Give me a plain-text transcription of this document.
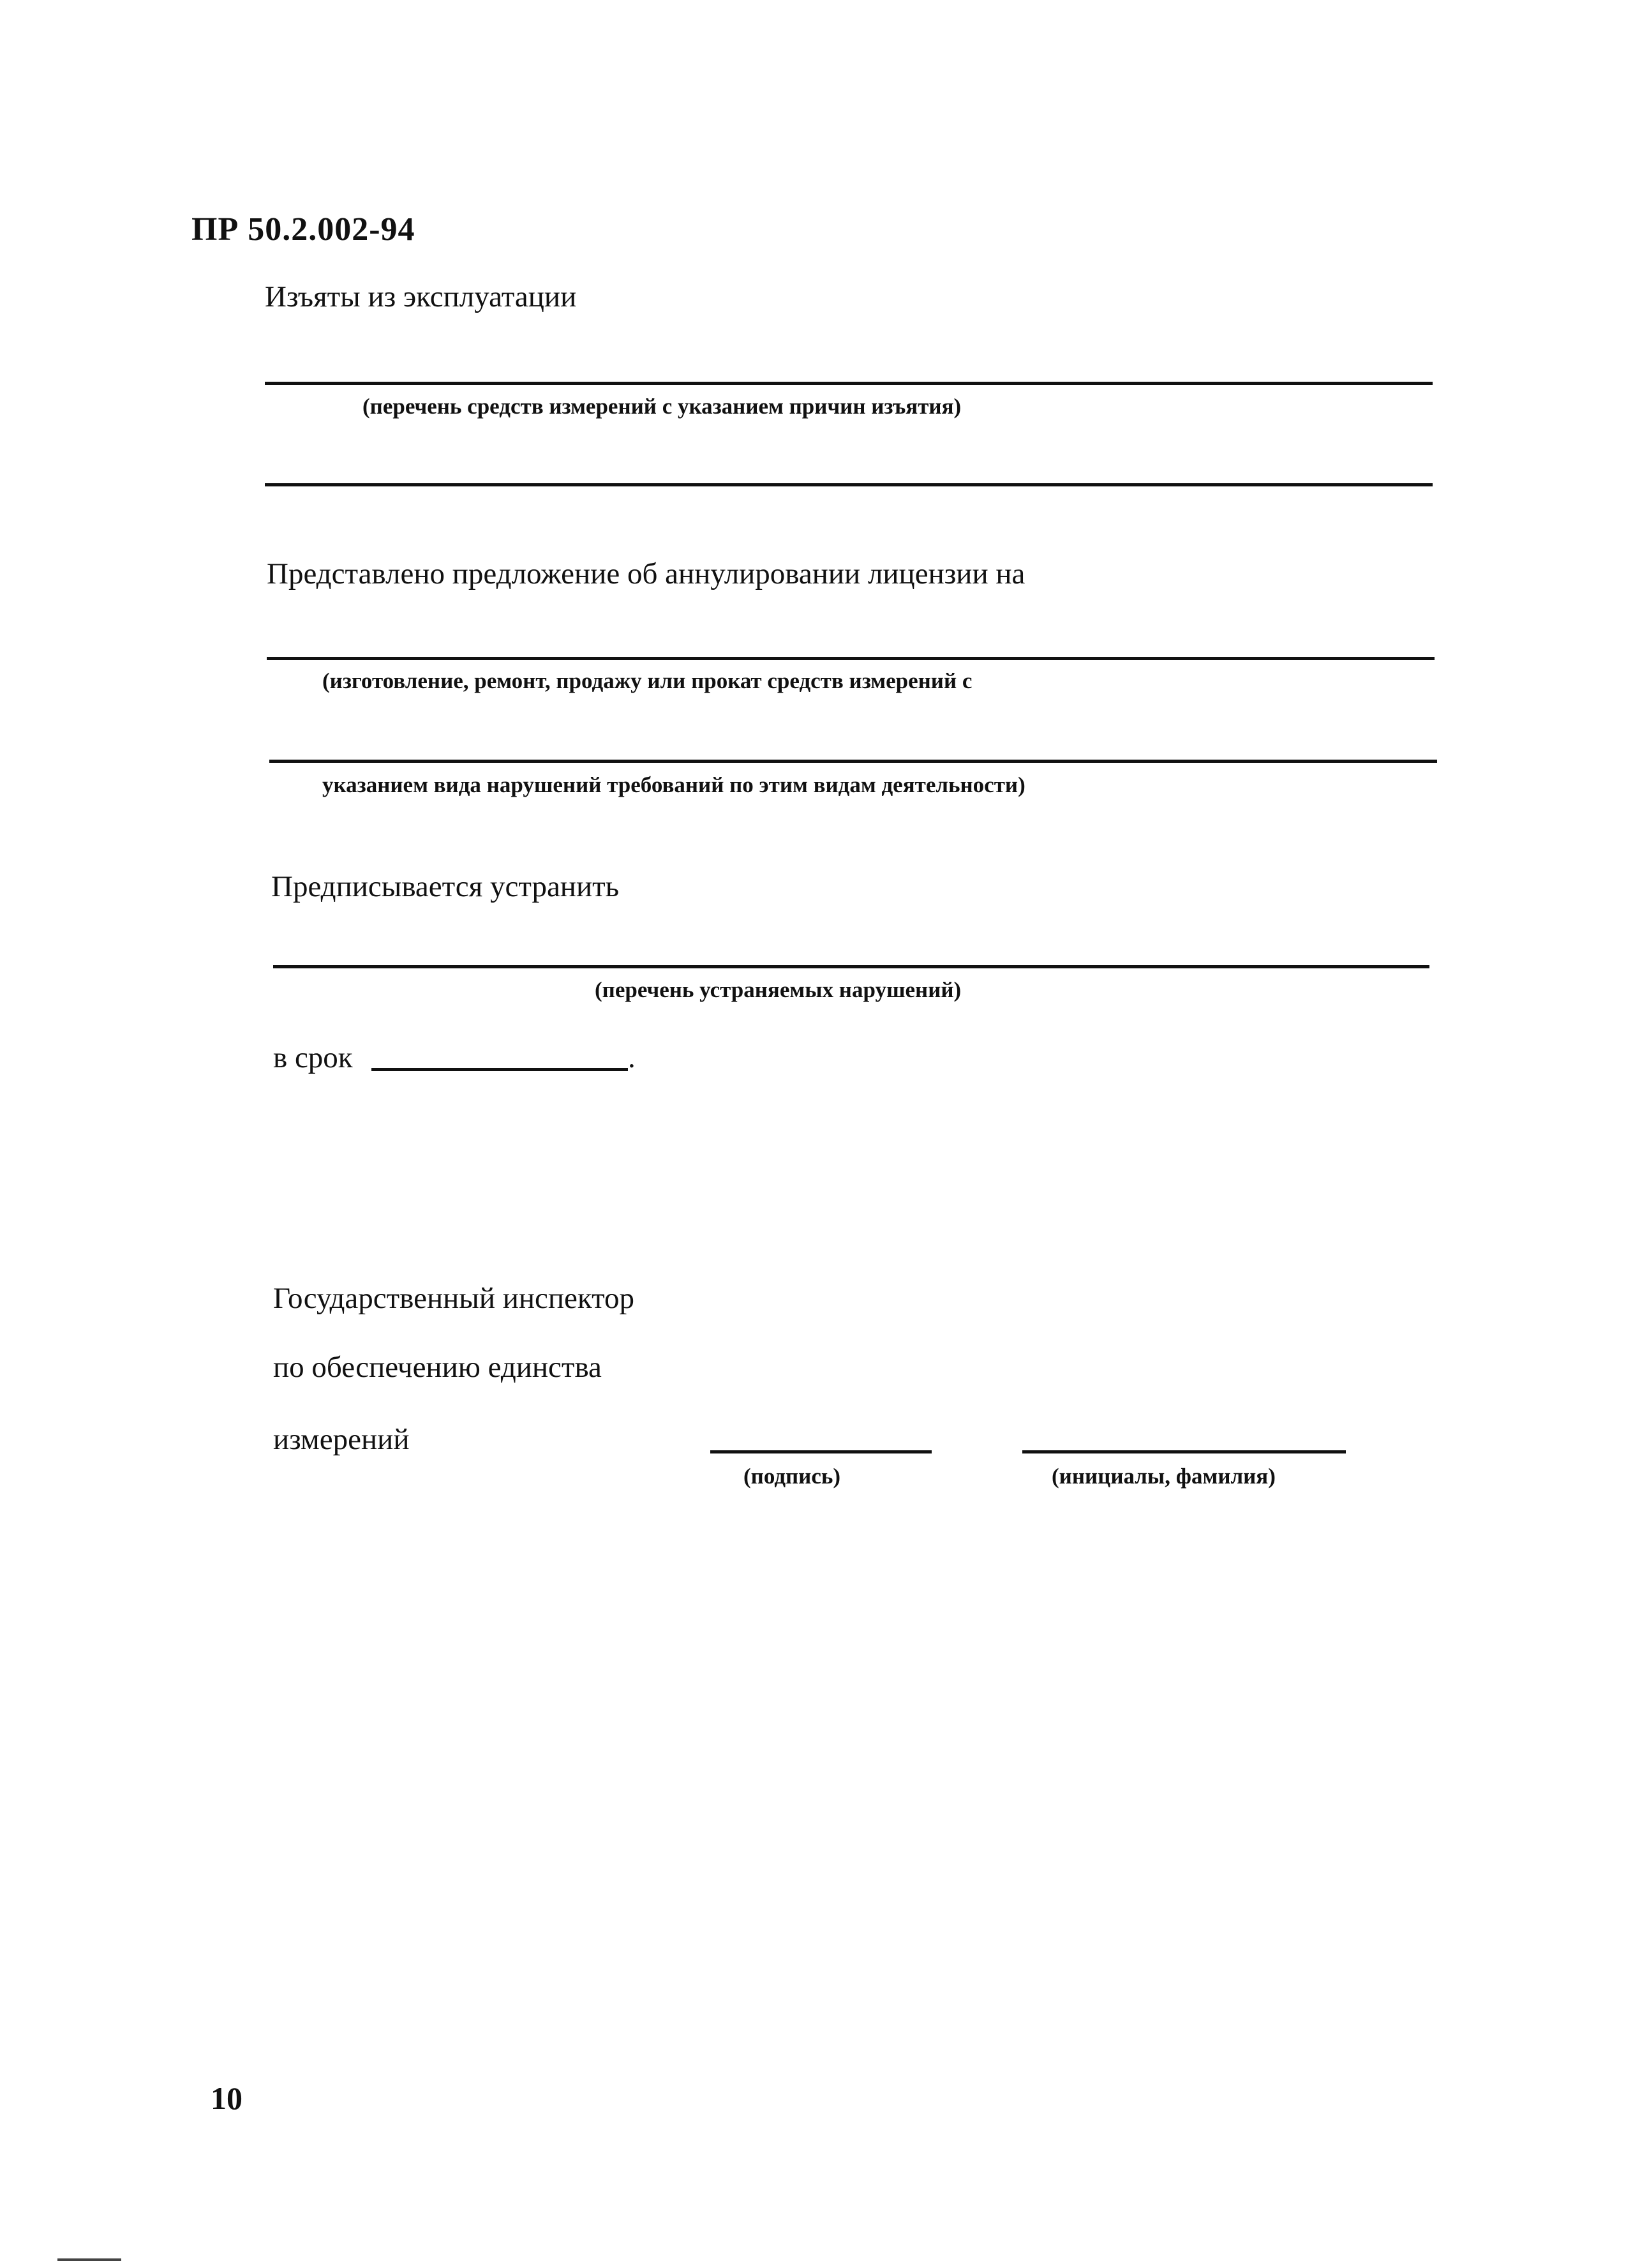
ПР 50.2.002-94
Изъяты из эксплуатации
(перечень средств измерений с указанием причин изъятия)
Представлено предложение об аннулировании лицензии на
(изготовление, ремонт, продажу или прокат средств измерений с
указанием вида нарушений требований по этим видам деятельности)
Предписывается устранить
(перечень устраняемых нарушений)
в срок	.
Государственный инспектор
по обеспечению единства
измерений
(подпись)	(инициалы, фамилия)
10
